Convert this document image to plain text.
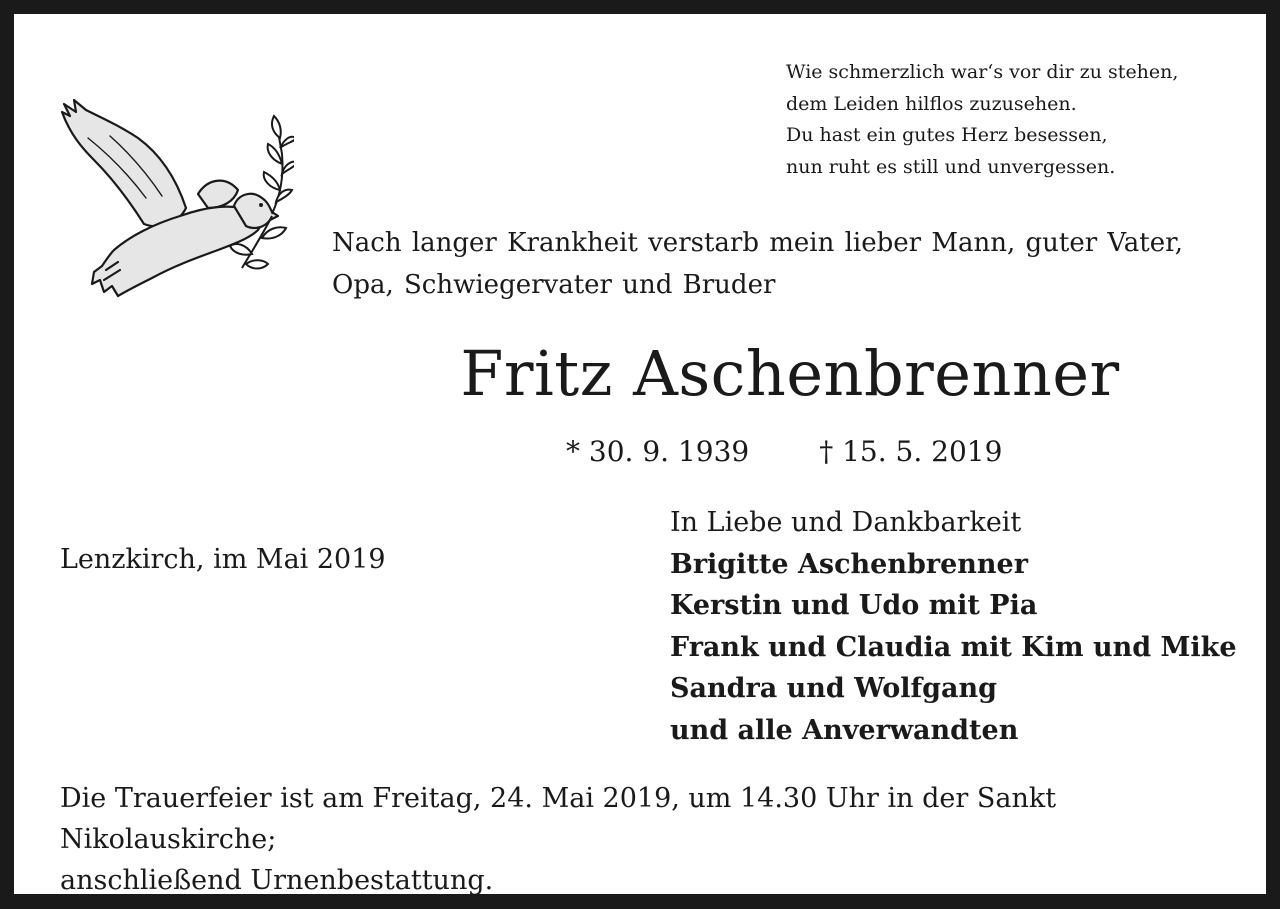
Wie schmerzlich war‘s vor dir zu stehen,
dem Leiden hilflos zuzusehen.
Du hast ein gutes Herz besessen,
nun ruht es still und unvergessen.
Nach langer Krankheit verstarb mein lieber Mann, guter Vater,
Opa, Schwiegervater und Bruder
Fritz Aschenbrenner
* 30. 9. 1939	† 15. 5. 2019
Lenzkirch, im Mai 2019
In Liebe und Dankbarkeit
Brigitte Aschenbrenner
Kerstin und Udo mit Pia
Frank und Claudia mit Kim und Mike
Sandra und Wolfgang
und alle Anverwandten
Die Trauerfeier ist am Freitag, 24. Mai 2019, um 14.30 Uhr in der Sankt Nikolauskirche;
anschließend Urnenbestattung.
